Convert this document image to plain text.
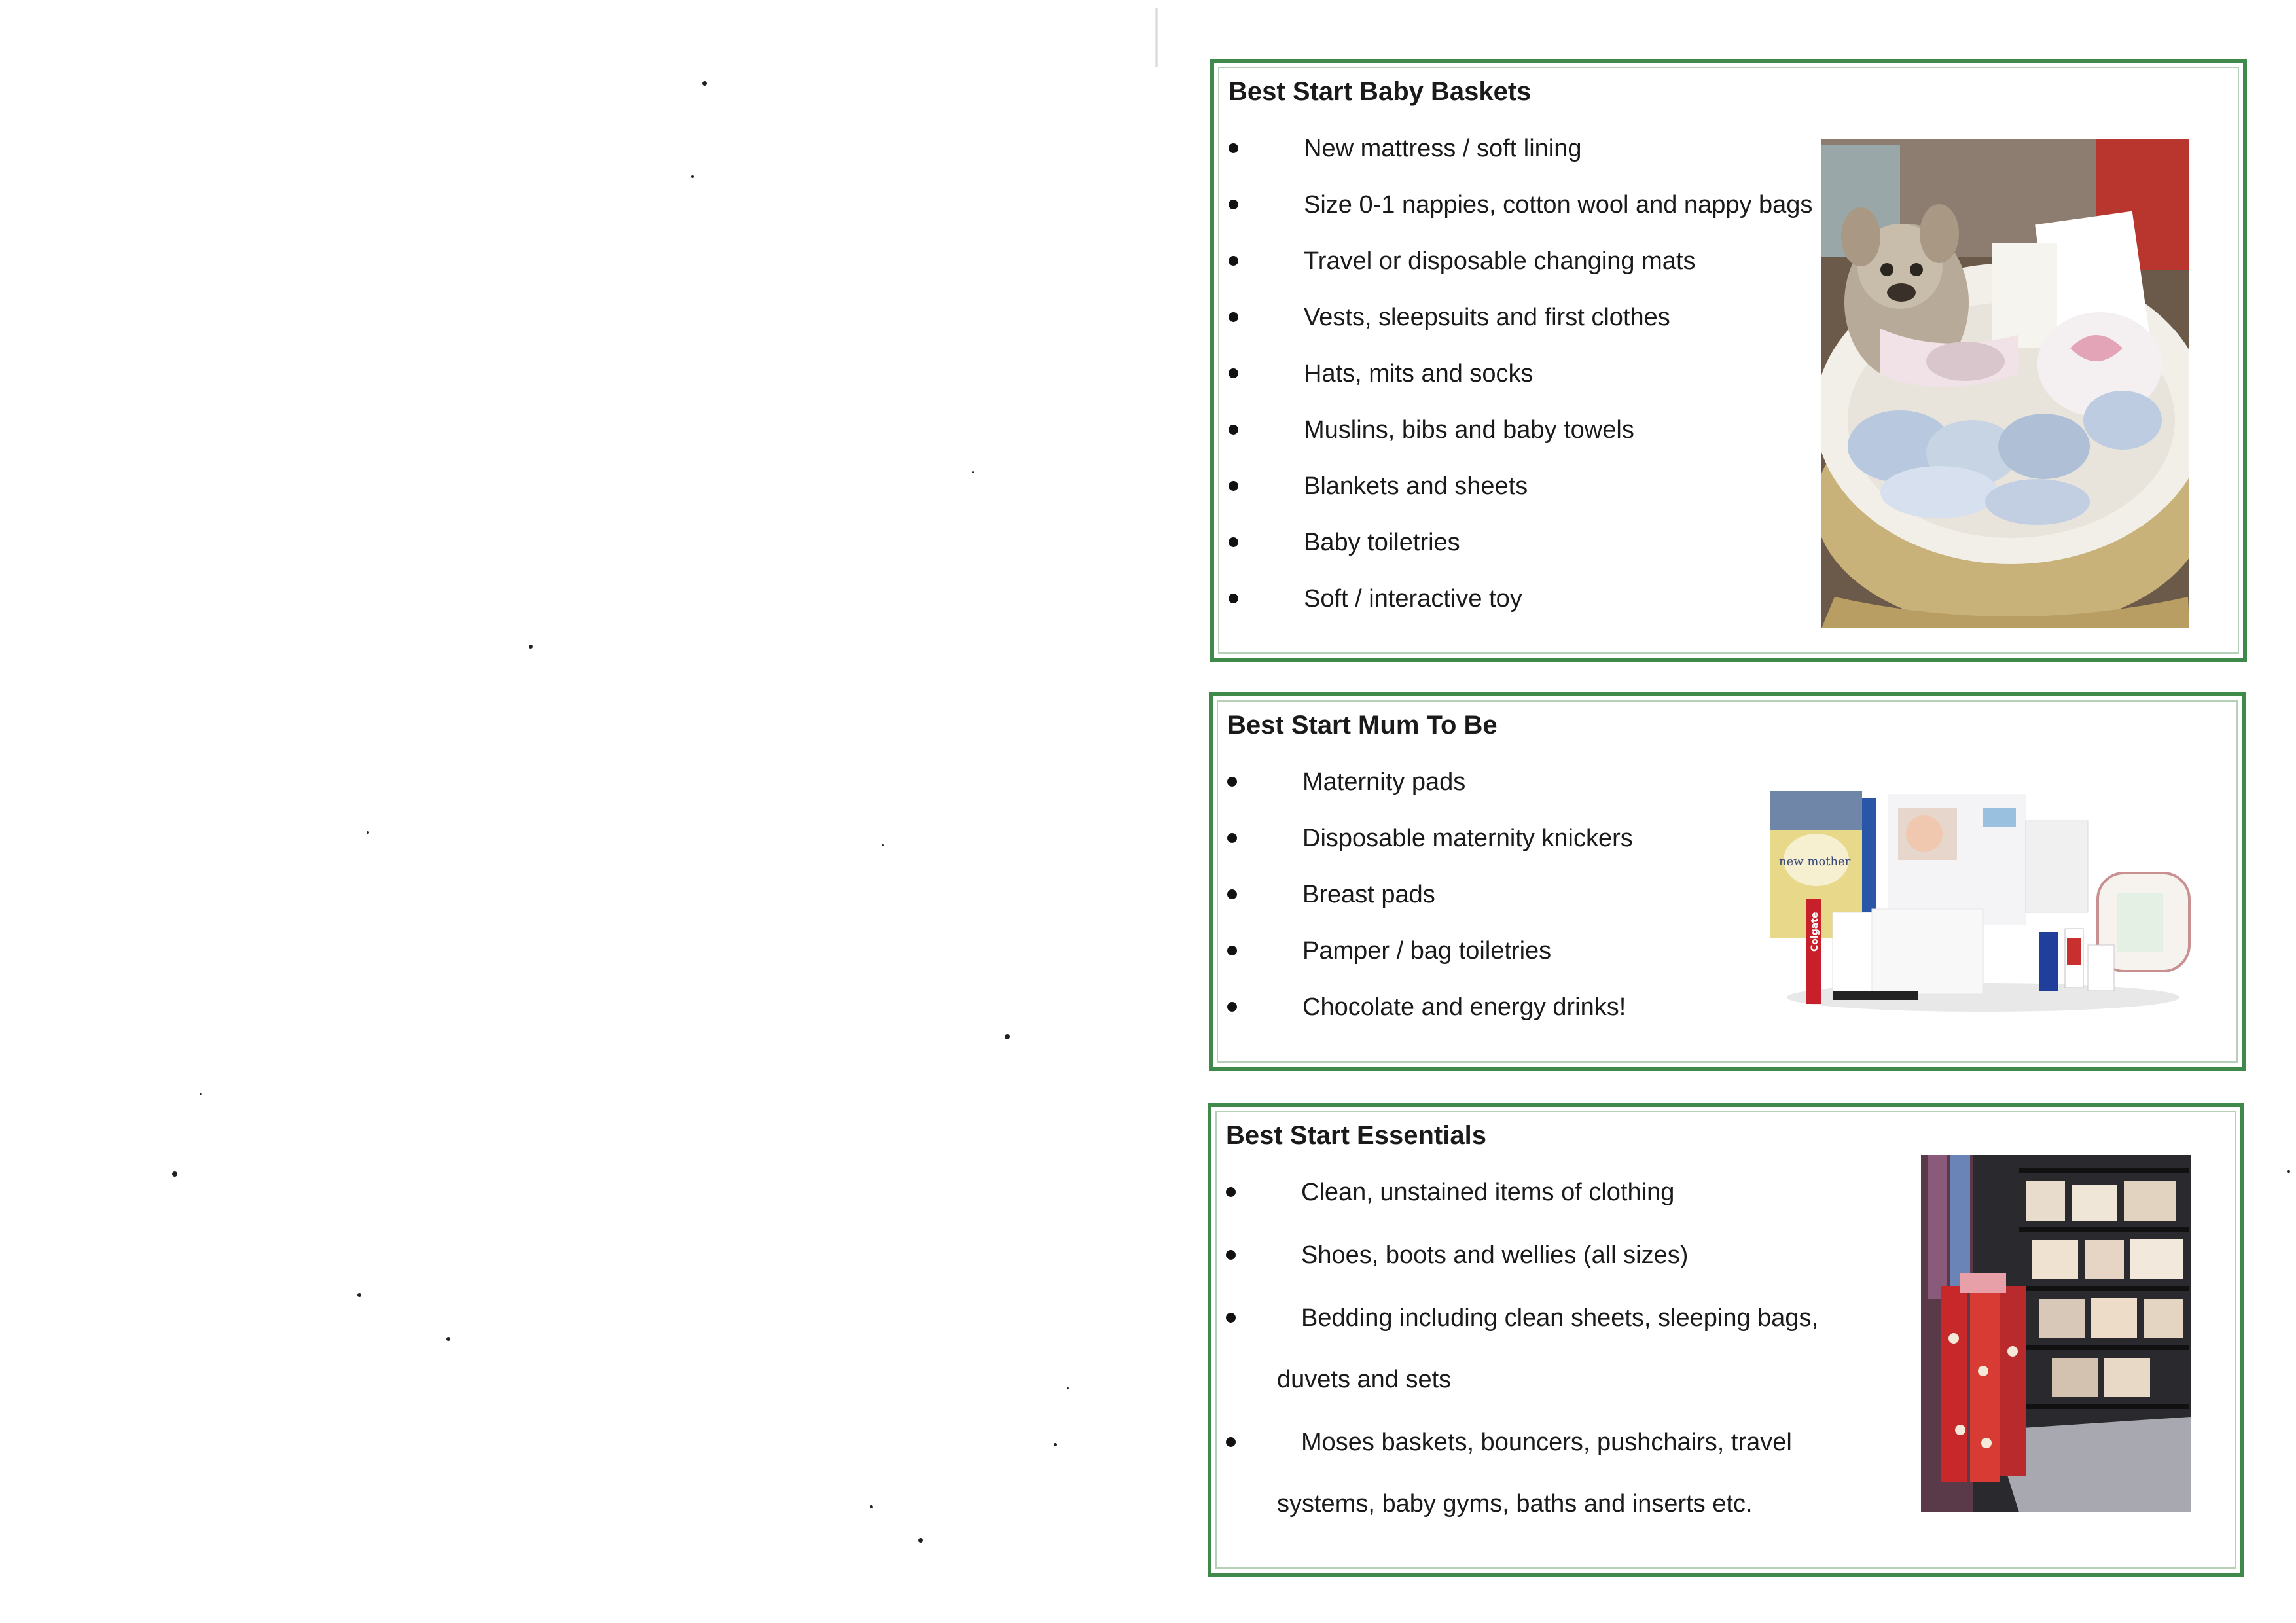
Best Start Baby Baskets
New mattress / soft lining
Size 0-1 nappies, cotton wool and nappy bags
Travel or disposable changing mats
Vests, sleepsuits and first clothes
Hats, mits and socks
Muslins, bibs and baby towels
Blankets and sheets
Baby toiletries
Soft / interactive toy
Best Start Mum To Be
Maternity pads
Disposable maternity knickers
Breast pads
Pamper / bag toiletries
Chocolate and energy drinks!
new mother
Colgate
Best Start Essentials
Clean, unstained items of clothing
Shoes, boots and wellies (all sizes)
Bedding including clean sheets, sleeping bags,
duvets and sets
Moses baskets, bouncers, pushchairs, travel
systems, baby gyms, baths and inserts etc.
